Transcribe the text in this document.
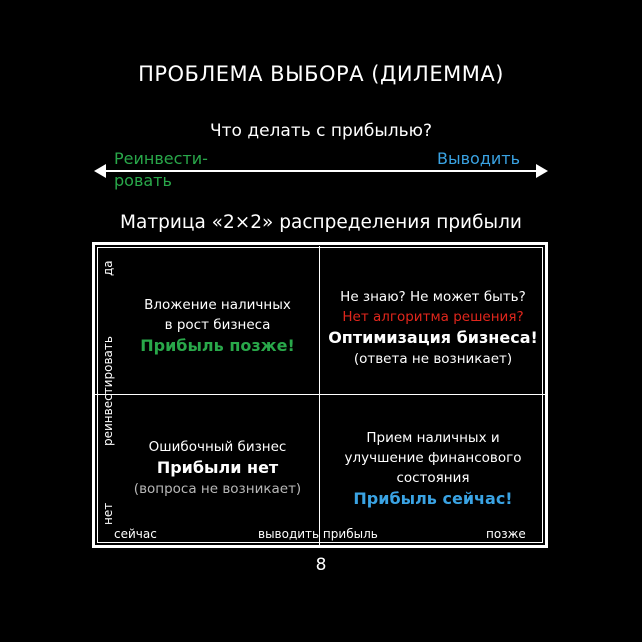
ПРОБЛЕМА ВЫБОРА (ДИЛЕММА)
Что делать с прибылью?
Реинвести-
ровать
Выводить
Матрица «2×2» распределения прибыли
да
реинвестировать
нет
сейчас	выводить прибыль	позже
Вложение наличных
в рост бизнеса
Прибыль позже!
Не знаю? Не может быть?
Нет алгоритма решения?
Оптимизация бизнеса!
(ответа не возникает)
Ошибочный бизнес
Прибыли нет
(вопроса не возникает)
Прием наличных и
улучшение финансового
состояния
Прибыль сейчас!
8
